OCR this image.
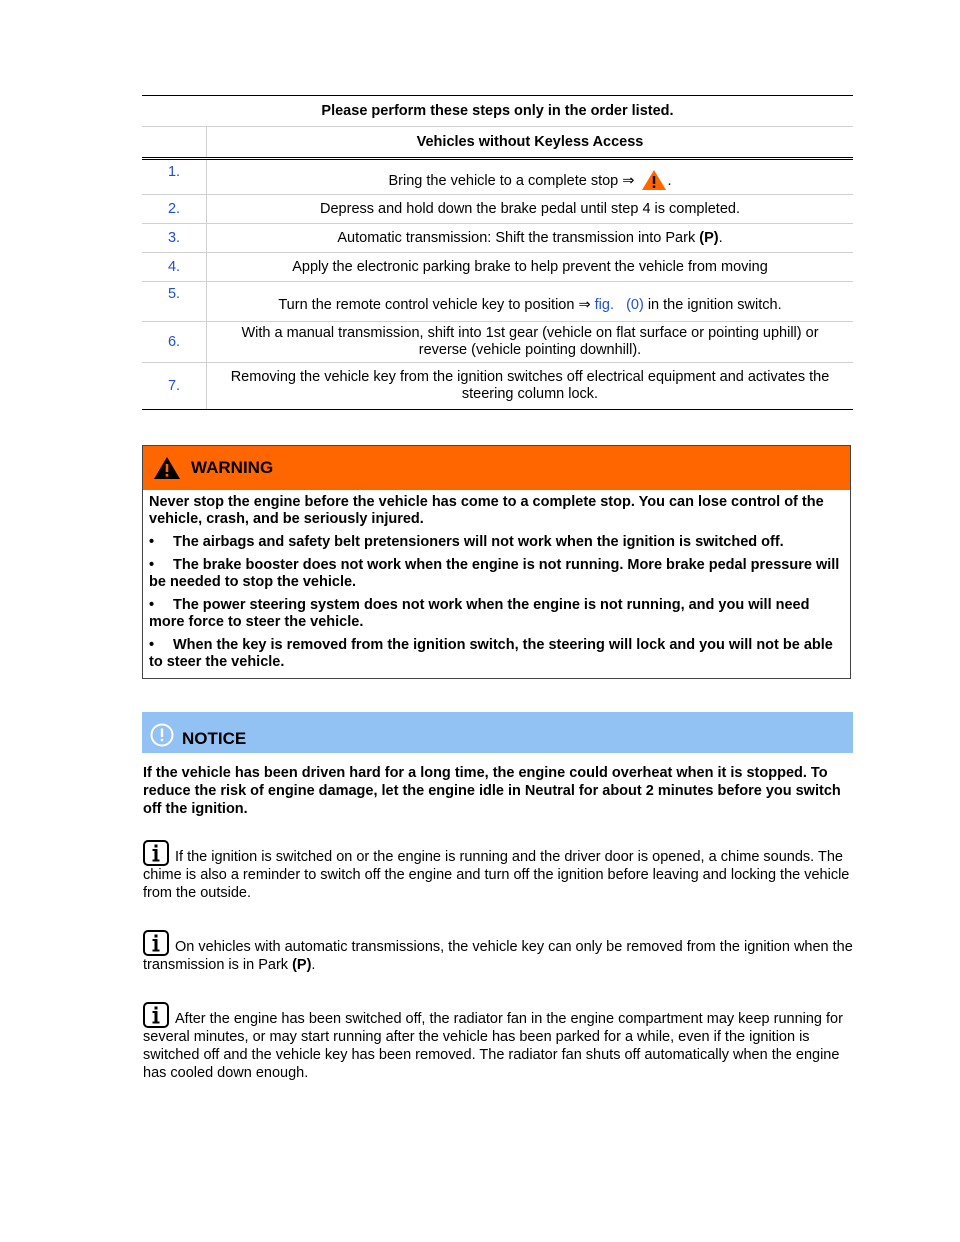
Please perform these steps only in the order listed.	
	Vehicles without Keyless Access
1.	Bring the vehicle to a complete stop ⇒ .
2.	Depress and hold down the brake pedal until step 4 is completed.
3.	Automatic transmission: Shift the transmission into Park (P).
4.	Apply the electronic parking brake to help prevent the vehicle from moving
5.	Turn the remote control vehicle key to position ⇒ fig. (0) in the ignition switch.
6.	With a manual transmission, shift into 1st gear (vehicle on flat surface or pointing uphill) or reverse (vehicle pointing downhill).
7.	Removing the vehicle key from the ignition switches off electrical equipment and activates the steering column lock.
WARNING

Never stop the engine before the vehicle has come to a complete stop. You can lose control of the vehicle, crash, and be seriously injured.

• The airbags and safety belt pretensioners will not work when the ignition is switched off.

• The brake booster does not work when the engine is not running. More brake pedal pressure will be needed to stop the vehicle.

• The power steering system does not work when the engine is not running, and you will need more force to steer the vehicle.

• When the key is removed from the ignition switch, the steering will lock and you will not be able to steer the vehicle.

NOTICE

If the vehicle has been driven hard for a long time, the engine could overheat when it is stopped. To reduce the risk of engine damage, let the engine idle in Neutral for about 2 minutes before you switch off the ignition.

If the ignition is switched on or the engine is running and the driver door is opened, a chime sounds. The chime is also a reminder to switch off the engine and turn off the ignition before leaving and locking the vehicle from the outside.

On vehicles with automatic transmissions, the vehicle key can only be removed from the ignition when the transmission is in Park (P).

After the engine has been switched off, the radiator fan in the engine compartment may keep running for several minutes, or may start running after the vehicle has been parked for a while, even if the ignition is switched off and the vehicle key has been removed. The radiator fan shuts off automatically when the engine has cooled down enough.
